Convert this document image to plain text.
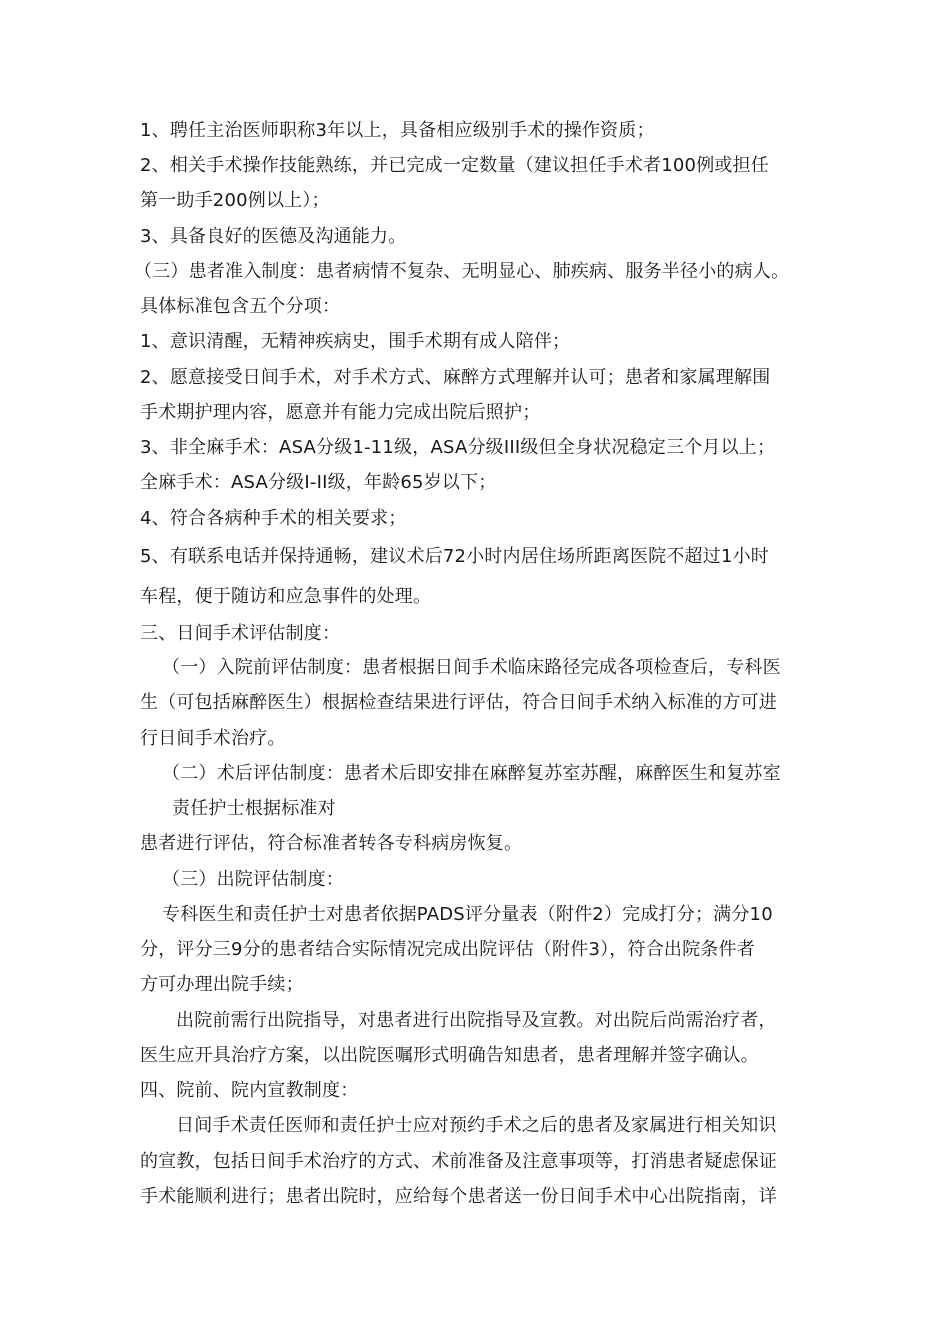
1、聘任主治医师职称3年以上，具备相应级别手术的操作资质；

2、相关手术操作技能熟练，并已完成一定数量（建议担任手术者100例或担任

第一助手200例以上）；

3、具备良好的医德及沟通能力。

（三）患者准入制度：患者病情不复杂、无明显心、肺疾病、服务半径小的病人。

具体标准包含五个分项：

1、意识清醒，无精神疾病史，围手术期有成人陪伴；

2、愿意接受日间手术，对手术方式、麻醉方式理解并认可；患者和家属理解围

手术期护理内容，愿意并有能力完成出院后照护；

3、非全麻手术：ASA分级1-11级，ASA分级III级但全身状况稳定三个月以上；

全麻手术：ASA分级I-II级，年龄65岁以下；

4、符合各病种手术的相关要求；

5、有联系电话并保持通畅，建议术后72小时内居住场所距离医院不超过1小时

车程，便于随访和应急事件的处理。

三、日间手术评估制度：

（一）入院前评估制度：患者根据日间手术临床路径完成各项检查后，专科医

生（可包括麻醉医生）根据检查结果进行评估，符合日间手术纳入标准的方可进

行日间手术治疗。

（二）术后评估制度：患者术后即安排在麻醉复苏室苏醒，麻醉医生和复苏室

责任护士根据标准对

患者进行评估，符合标准者转各专科病房恢复。

（三）出院评估制度：

专科医生和责任护士对患者依据PADS评分量表（附件2）完成打分；满分10

分，评分三9分的患者结合实际情况完成出院评估（附件3），符合出院条件者

方可办理出院手续；

出院前需行出院指导，对患者进行出院指导及宣教。对出院后尚需治疗者，

医生应开具治疗方案，以出院医嘱形式明确告知患者，患者理解并签字确认。

四、院前、院内宣教制度：

日间手术责任医师和责任护士应对预约手术之后的患者及家属进行相关知识

的宣教，包括日间手术治疗的方式、术前准备及注意事项等，打消患者疑虑保证

手术能顺利进行；患者出院时，应给每个患者送一份日间手术中心出院指南，详
